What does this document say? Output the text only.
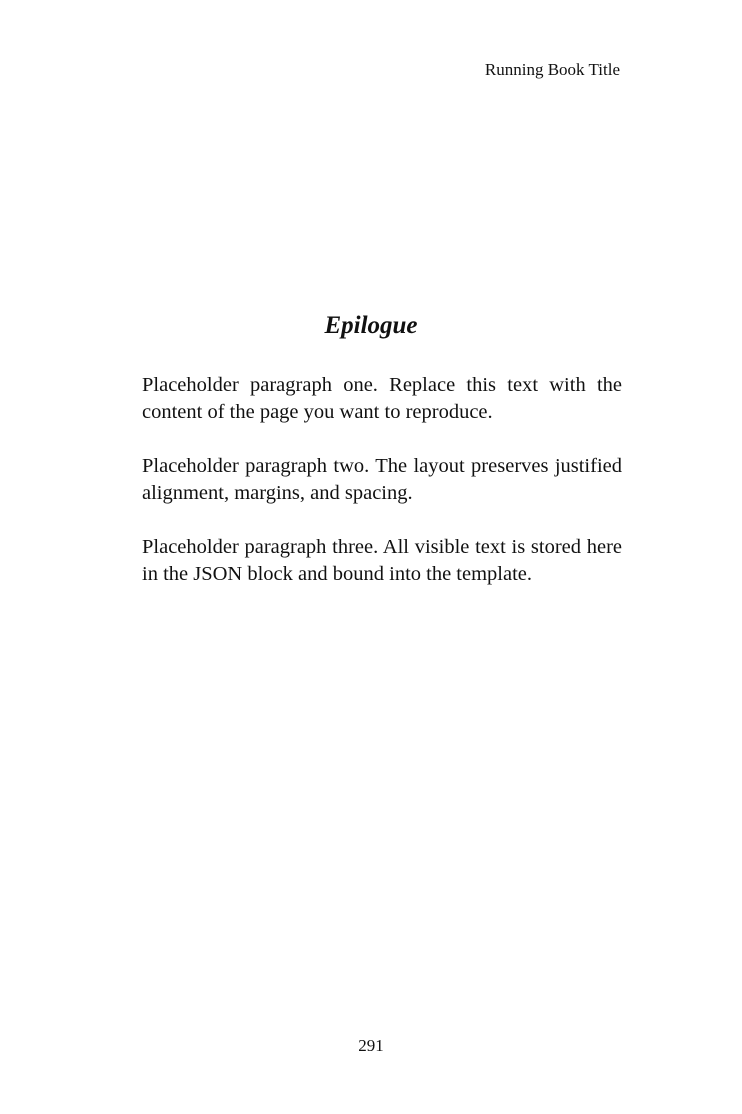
Running Book Title
Epilogue

Placeholder paragraph one. Replace this text with the content of the page you want to reproduce.

Placeholder paragraph two. The layout preserves justified alignment, margins, and spacing.

Placeholder paragraph three. All visible text is stored here in the JSON block and bound into the template.

291
